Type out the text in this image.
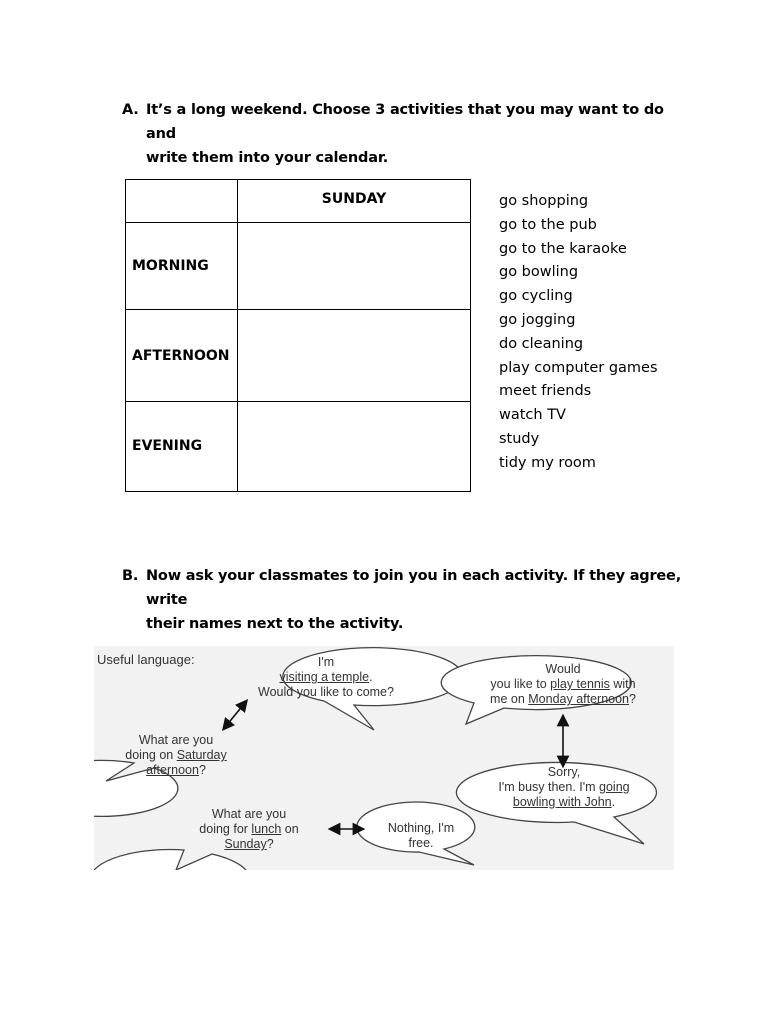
A. It’s a long weekend. Choose 3 activities that you may want to do and
write them into your calendar.
	SUNDAY
MORNING	
AFTERNOON	
EVENING	
go shopping
go to the pub
go to the karaoke
go bowling
go cycling
go jogging
do cleaning
play computer games
meet friends
watch TV
study
tidy my room
B. Now ask your classmates to join you in each activity. If they agree, write
their names next to the activity.
Useful language:	I'm
visiting a temple.
Would you like to come?
What are you
doing on Saturday
afternoon?
Would
you like to play tennis with
me on Monday afternoon?
Sorry,
I'm busy then. I'm going
bowling with John.
What are you
doing for lunch on
Sunday?
Nothing, I'm
free.
